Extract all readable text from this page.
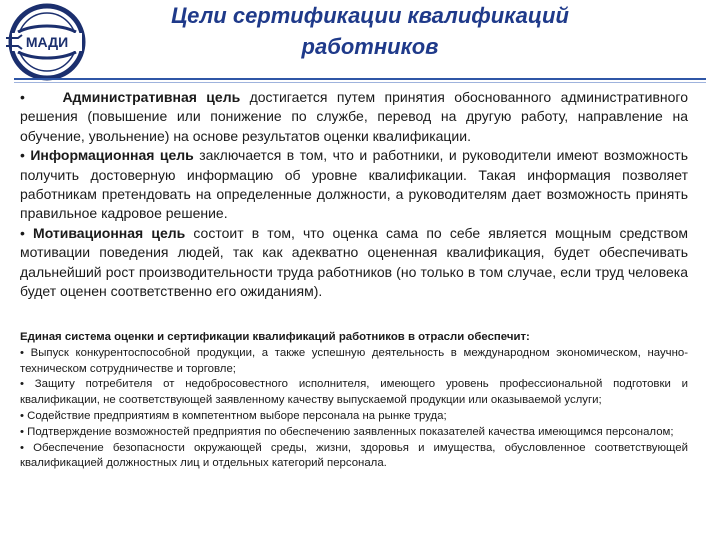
МАДИ
Цели сертификации квалификаций
работников

•	Административная цель достигается путем принятия обоснованного административного решения (повышение или понижение по службе, перевод на другую работу, направление на обучение, увольнение) на основе результатов оценки квалификации.

• Информационная цель заключается в том, что и работники, и руководители имеют возможность получить достоверную информацию об уровне квалификации. Такая информация позволяет работникам претендовать на определенные должности, а руководителям дает возможность принять правильное кадровое решение.

• Мотивационная цель состоит в том, что оценка сама по себе является мощным средством мотивации поведения людей, так как адекватно оцененная квалификация, будет обеспечивать дальнейший рост производительности труда работников (но только в том случае, если труд человека будет оценен соответственно его ожиданиям).

Единая система оценки и сертификации квалификаций работников в отрасли обеспечит:

• Выпуск конкурентоспособной продукции, а также успешную деятельность в международном экономическом, научно-техническом сотрудничестве и торговле;

• Защиту потребителя от недобросовестного исполнителя, имеющего уровень профессиональной подготовки и квалификации, не соответствующей заявленному качеству выпускаемой продукции или оказываемой услуги;

• Содействие предприятиям в компетентном выборе персонала на рынке труда;

• Подтверждение возможностей предприятия по обеспечению заявленных показателей качества имеющимся персоналом;

• Обеспечение безопасности окружающей среды, жизни, здоровья и имущества, обусловленное соответствующей квалификацией должностных лиц и отдельных категорий персонала.
